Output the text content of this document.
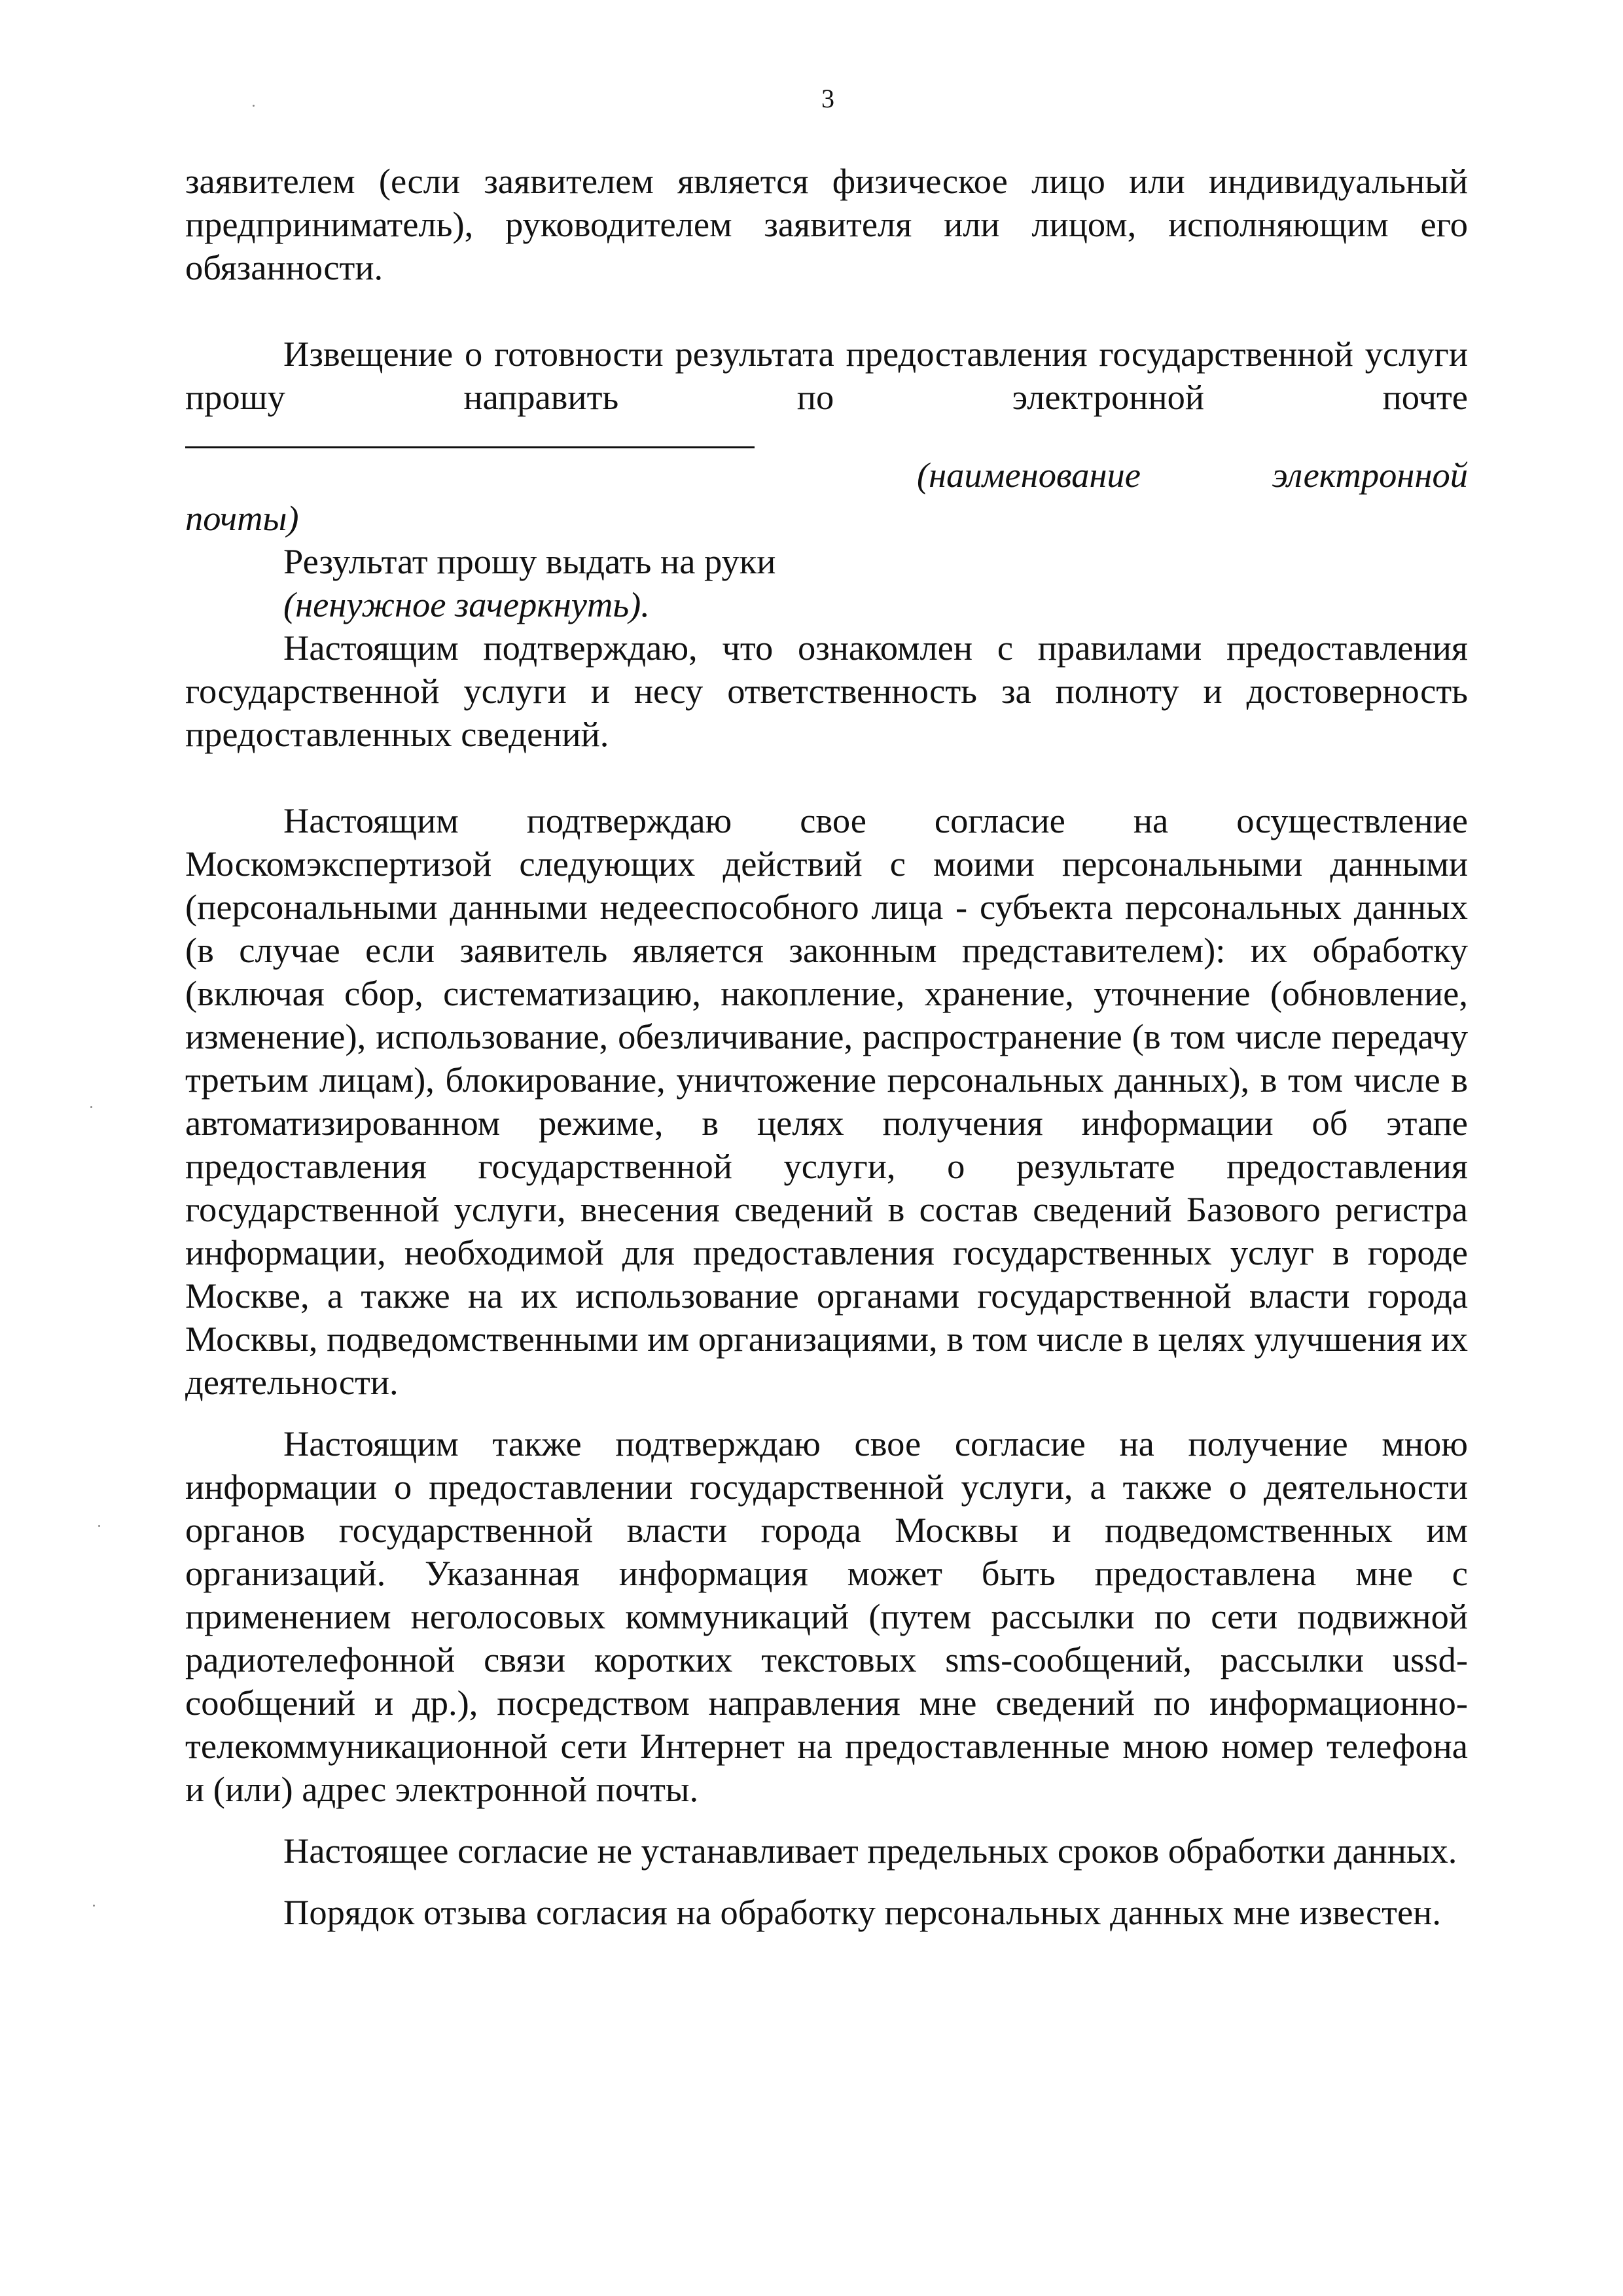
3

заявителем (если заявителем является физическое лицо или индивидуальный предприниматель), руководителем заявителя или лицом, исполняющим его обязанности.

Извещение о готовности результата предоставления государственной услуги прошу направить по электронной почте

(наименование электронной

почты)

Результат прошу выдать на руки

(ненужное зачеркнуть).

Настоящим подтверждаю, что ознакомлен с правилами предоставления государственной услуги и несу ответственность за полноту и достоверность предоставленных сведений.

Настоящим подтверждаю свое согласие на осуществление Москомэкспертизой следующих действий с моими персональными данными (персональными данными недееспособного лица - субъекта персональных данных (в случае если заявитель является законным представителем): их обработку (включая сбор, систематизацию, накопление, хранение, уточнение (обновление, изменение), использование, обезличивание, распространение (в том числе передачу третьим лицам), блокирование, уничтожение персональных данных), в том числе в автоматизированном режиме, в целях получения информации об этапе предоставления государственной услуги, о результате предоставления государственной услуги, внесения сведений в состав сведений Базового регистра информации, необходимой для предоставления государственных услуг в городе Москве, а также на их использование органами государственной власти города Москвы, подведомственными им организациями, в том числе в целях улучшения их деятельности.

Настоящим также подтверждаю свое согласие на получение мною информации о предоставлении государственной услуги, а также о деятельности органов государственной власти города Москвы и подведомственных им организаций. Указанная информация может быть предоставлена мне с применением неголосовых коммуникаций (путем рассылки по сети подвижной радиотелефонной связи коротких текстовых sms-сообщений, рассылки ussd-сообщений и др.), посредством направления мне сведений по информационно-телекоммуникационной сети Интернет на предоставленные мною номер телефона и (или) адрес электронной почты.

Настоящее согласие не устанавливает предельных сроков обработки данных.

Порядок отзыва согласия на обработку персональных данных мне известен.
